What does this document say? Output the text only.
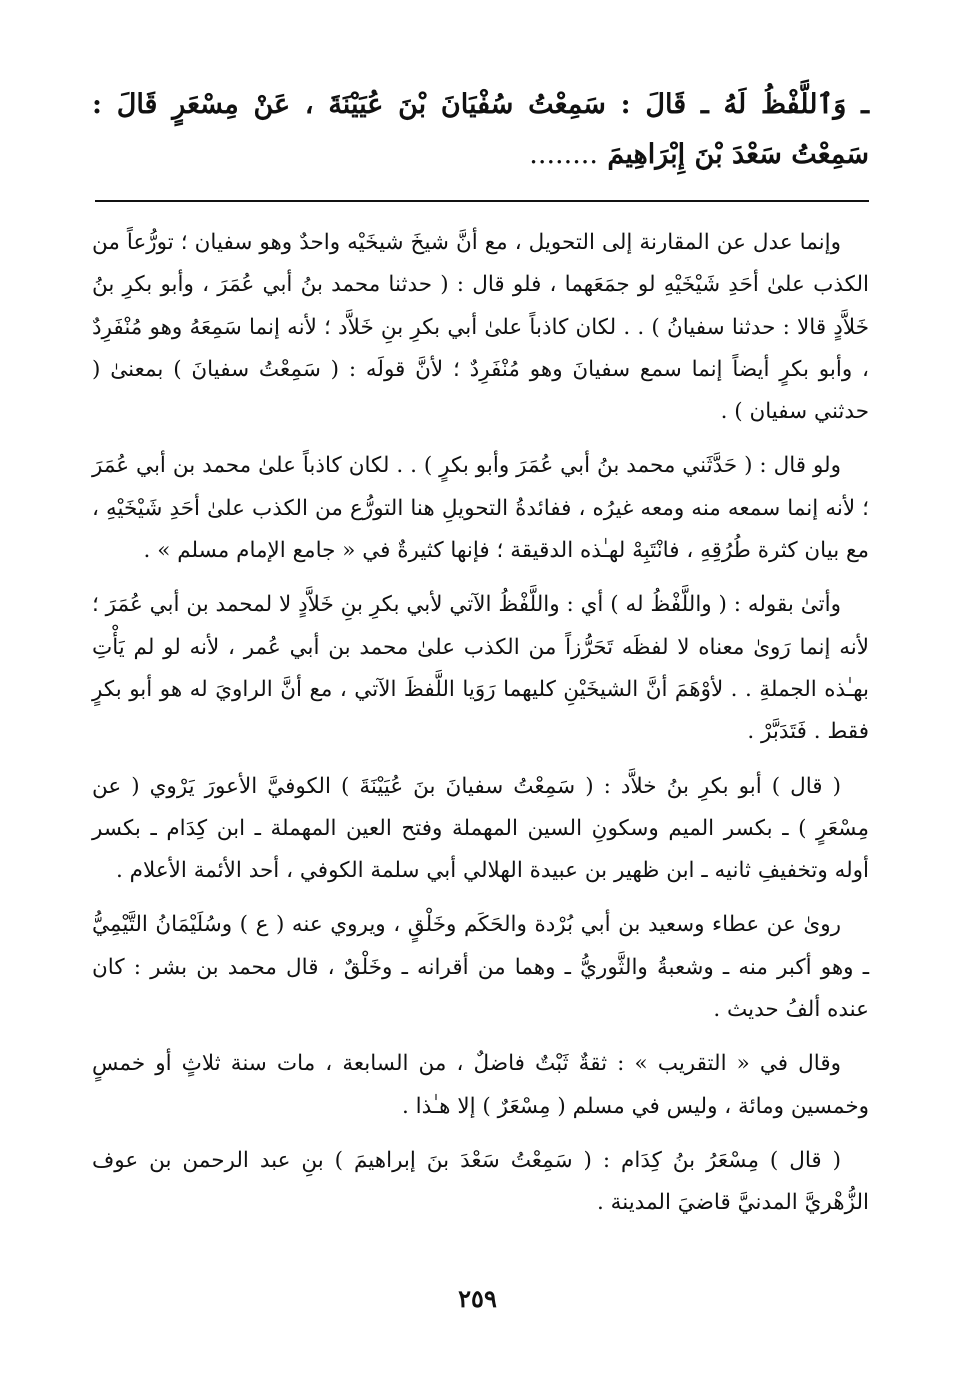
ـ وَٱللَّفْظُ لَهُ ـ قَالَ : سَمِعْتُ سُفْيَانَ بْنَ عُيَيْنَةَ ، عَنْ مِسْعَرٍ قَالَ : سَمِعْتُ سَعْدَ بْنَ إِبْرَاهِيمَ ........

وإنما عدل عن المقارنة إلى التحويل ، مع أنَّ شيخَ شيخَيْه واحدٌ وهو سفيان ؛ تورُّعاً من الكذب علىٰ أحَدِ شَيْخَيْهِ لو جمَعَهما ، فلو قال : ( حدثنا محمد بنُ أبي عُمَرَ ، وأبو بكرِ بنُ خَلاَّدٍ قالا : حدثنا سفيانُ ) . . لكان كاذباً علىٰ أبي بكرِ بنِ خَلاَّد ؛ لأنه إنما سَمِعَهُ وهو مُنْفَرِدٌ ، وأبو بكرٍ أيضاً إنما سمع سفيانَ وهو مُنْفَرِدٌ ؛ لأنَّ قولَه : ( سَمِعْتُ سفيانَ ) بمعنىٰ ( حدثني سفيان ) .

ولو قال : ( حَدَّثَني محمد بنُ أبي عُمَرَ وأبو بكرٍ ) . . لكان كاذباً علىٰ محمد بن أبي عُمَرَ ؛ لأنه إنما سمعه منه ومعه غيرُه ، ففائدةُ التحويلِ هنا التورُّع من الكذب علىٰ أحَدِ شَيْخَيْهِ ، مع بيان كثرة طُرُقِهِ ، فانْتَبِهْ لهـٰذه الدقيقة ؛ فإنها كثيرةٌ في « جامع الإمام مسلم » .

وأتىٰ بقوله : ( واللَّفْظُ له ) أي : واللَّفْظُ الآتي لأبي بكرِ بنِ خَلاَّدٍ لا لمحمد بن أبي عُمَرَ ؛ لأنه إنما رَوىٰ معناه لا لفظَه تَحَرُّزاً من الكذب علىٰ محمد بن أبي عُمر ، لأنه لو لم يَأْتِ بهـٰذه الجملةِ . . لأوْهَمَ أنَّ الشيخَيْنِ كليهما رَوَيا اللَّفظَ الآتي ، مع أنَّ الراويَ له هو أبو بكرٍ فقط . فَتَدَبَّرْ .

( قال ) أبو بكرِ بنُ خلاَّد : ( سَمِعْتُ سفيانَ بنَ عُيَيْنَةَ ) الكوفيَّ الأعورَ يَرْوي ( عن مِسْعَرٍ ) ـ بكسر الميم وسكونِ السين المهملة وفتح العين المهملة ـ ابن كِدَام ـ بكسر أوله وتخفيفِ ثانيه ـ ابن ظهير بن عبيدة الهلالي أبي سلمة الكوفي ، أحد الأئمة الأعلام .

روىٰ عن عطاء وسعيد بن أبي بُرْدة والحَكَم وخَلْقٍ ، ويروي عنه ( ع ) وسُلَيْمَانُ التَّيْمِيُّ ـ وهو أكبر منه ـ وشعبةُ والثَّوريُّ ـ وهما من أقرانه ـ وخَلْقٌ ، قال محمد بن بشر : كان عنده ألفُ حديث .

وقال في « التقريب » : ثقةٌ ثَبْتٌ فاضلٌ ، من السابعة ، مات سنة ثلاثٍ أو خمسٍ وخمسين ومائة ، وليس في مسلم ( مِسْعَرٌ ) إلا هـٰذا .

( قال ) مِسْعَرُ بنُ كِدَام : ( سَمِعْتُ سَعْدَ بنَ إبراهيمَ ) بنِ عبد الرحمن بن عوف الزُّهْريَّ المدنيَّ قاضيَ المدينة .

٢٥٩
